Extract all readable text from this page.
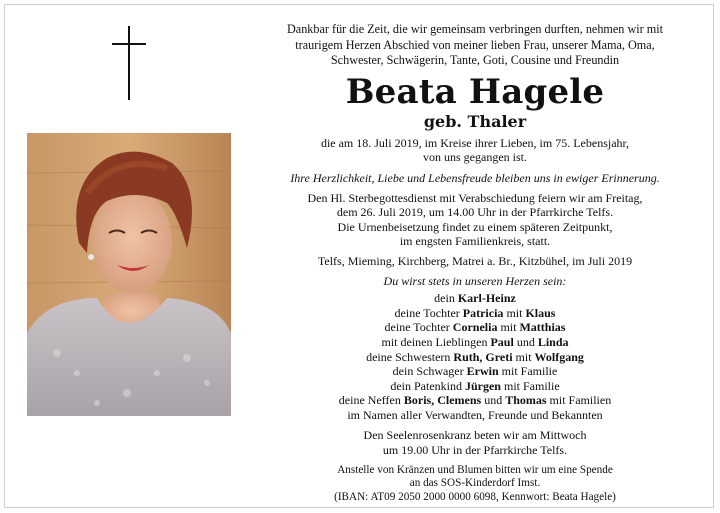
Dankbar für die Zeit, die wir gemeinsam verbringen durften, nehmen wir mit
traurigem Herzen Abschied von meiner lieben Frau, unserer Mama, Oma,
Schwester, Schwägerin, Tante, Goti, Cousine und Freundin
Beata Hagele
geb. Thaler
die am 18. Juli 2019, im Kreise ihrer Lieben, im 75. Lebensjahr,
von uns gegangen ist.
Ihre Herzlichkeit, Liebe und Lebensfreude bleiben uns in ewiger Erinnerung.
Den Hl. Sterbegottesdienst mit Verabschiedung feiern wir am Freitag,
dem 26. Juli 2019, um 14.00 Uhr in der Pfarrkirche Telfs.
Die Urnenbeisetzung findet zu einem späteren Zeitpunkt,
im engsten Familienkreis, statt.
Telfs, Mieming, Kirchberg, Matrei a. Br., Kitzbühel, im Juli 2019
Du wirst stets in unseren Herzen sein:
dein Karl-Heinz
deine Tochter Patricia mit Klaus
deine Tochter Cornelia mit Matthias
mit deinen Lieblingen Paul und Linda
deine Schwestern Ruth, Greti mit Wolfgang
dein Schwager Erwin mit Familie
dein Patenkind Jürgen mit Familie
deine Neffen Boris, Clemens und Thomas mit Familien
im Namen aller Verwandten, Freunde und Bekannten
Den Seelenrosenkranz beten wir am Mittwoch
um 19.00 Uhr in der Pfarrkirche Telfs.
Anstelle von Kränzen und Blumen bitten wir um eine Spende
an das SOS-Kinderdorf Imst.
(IBAN: AT09 2050 2000 0000 6098, Kennwort: Beata Hagele)
